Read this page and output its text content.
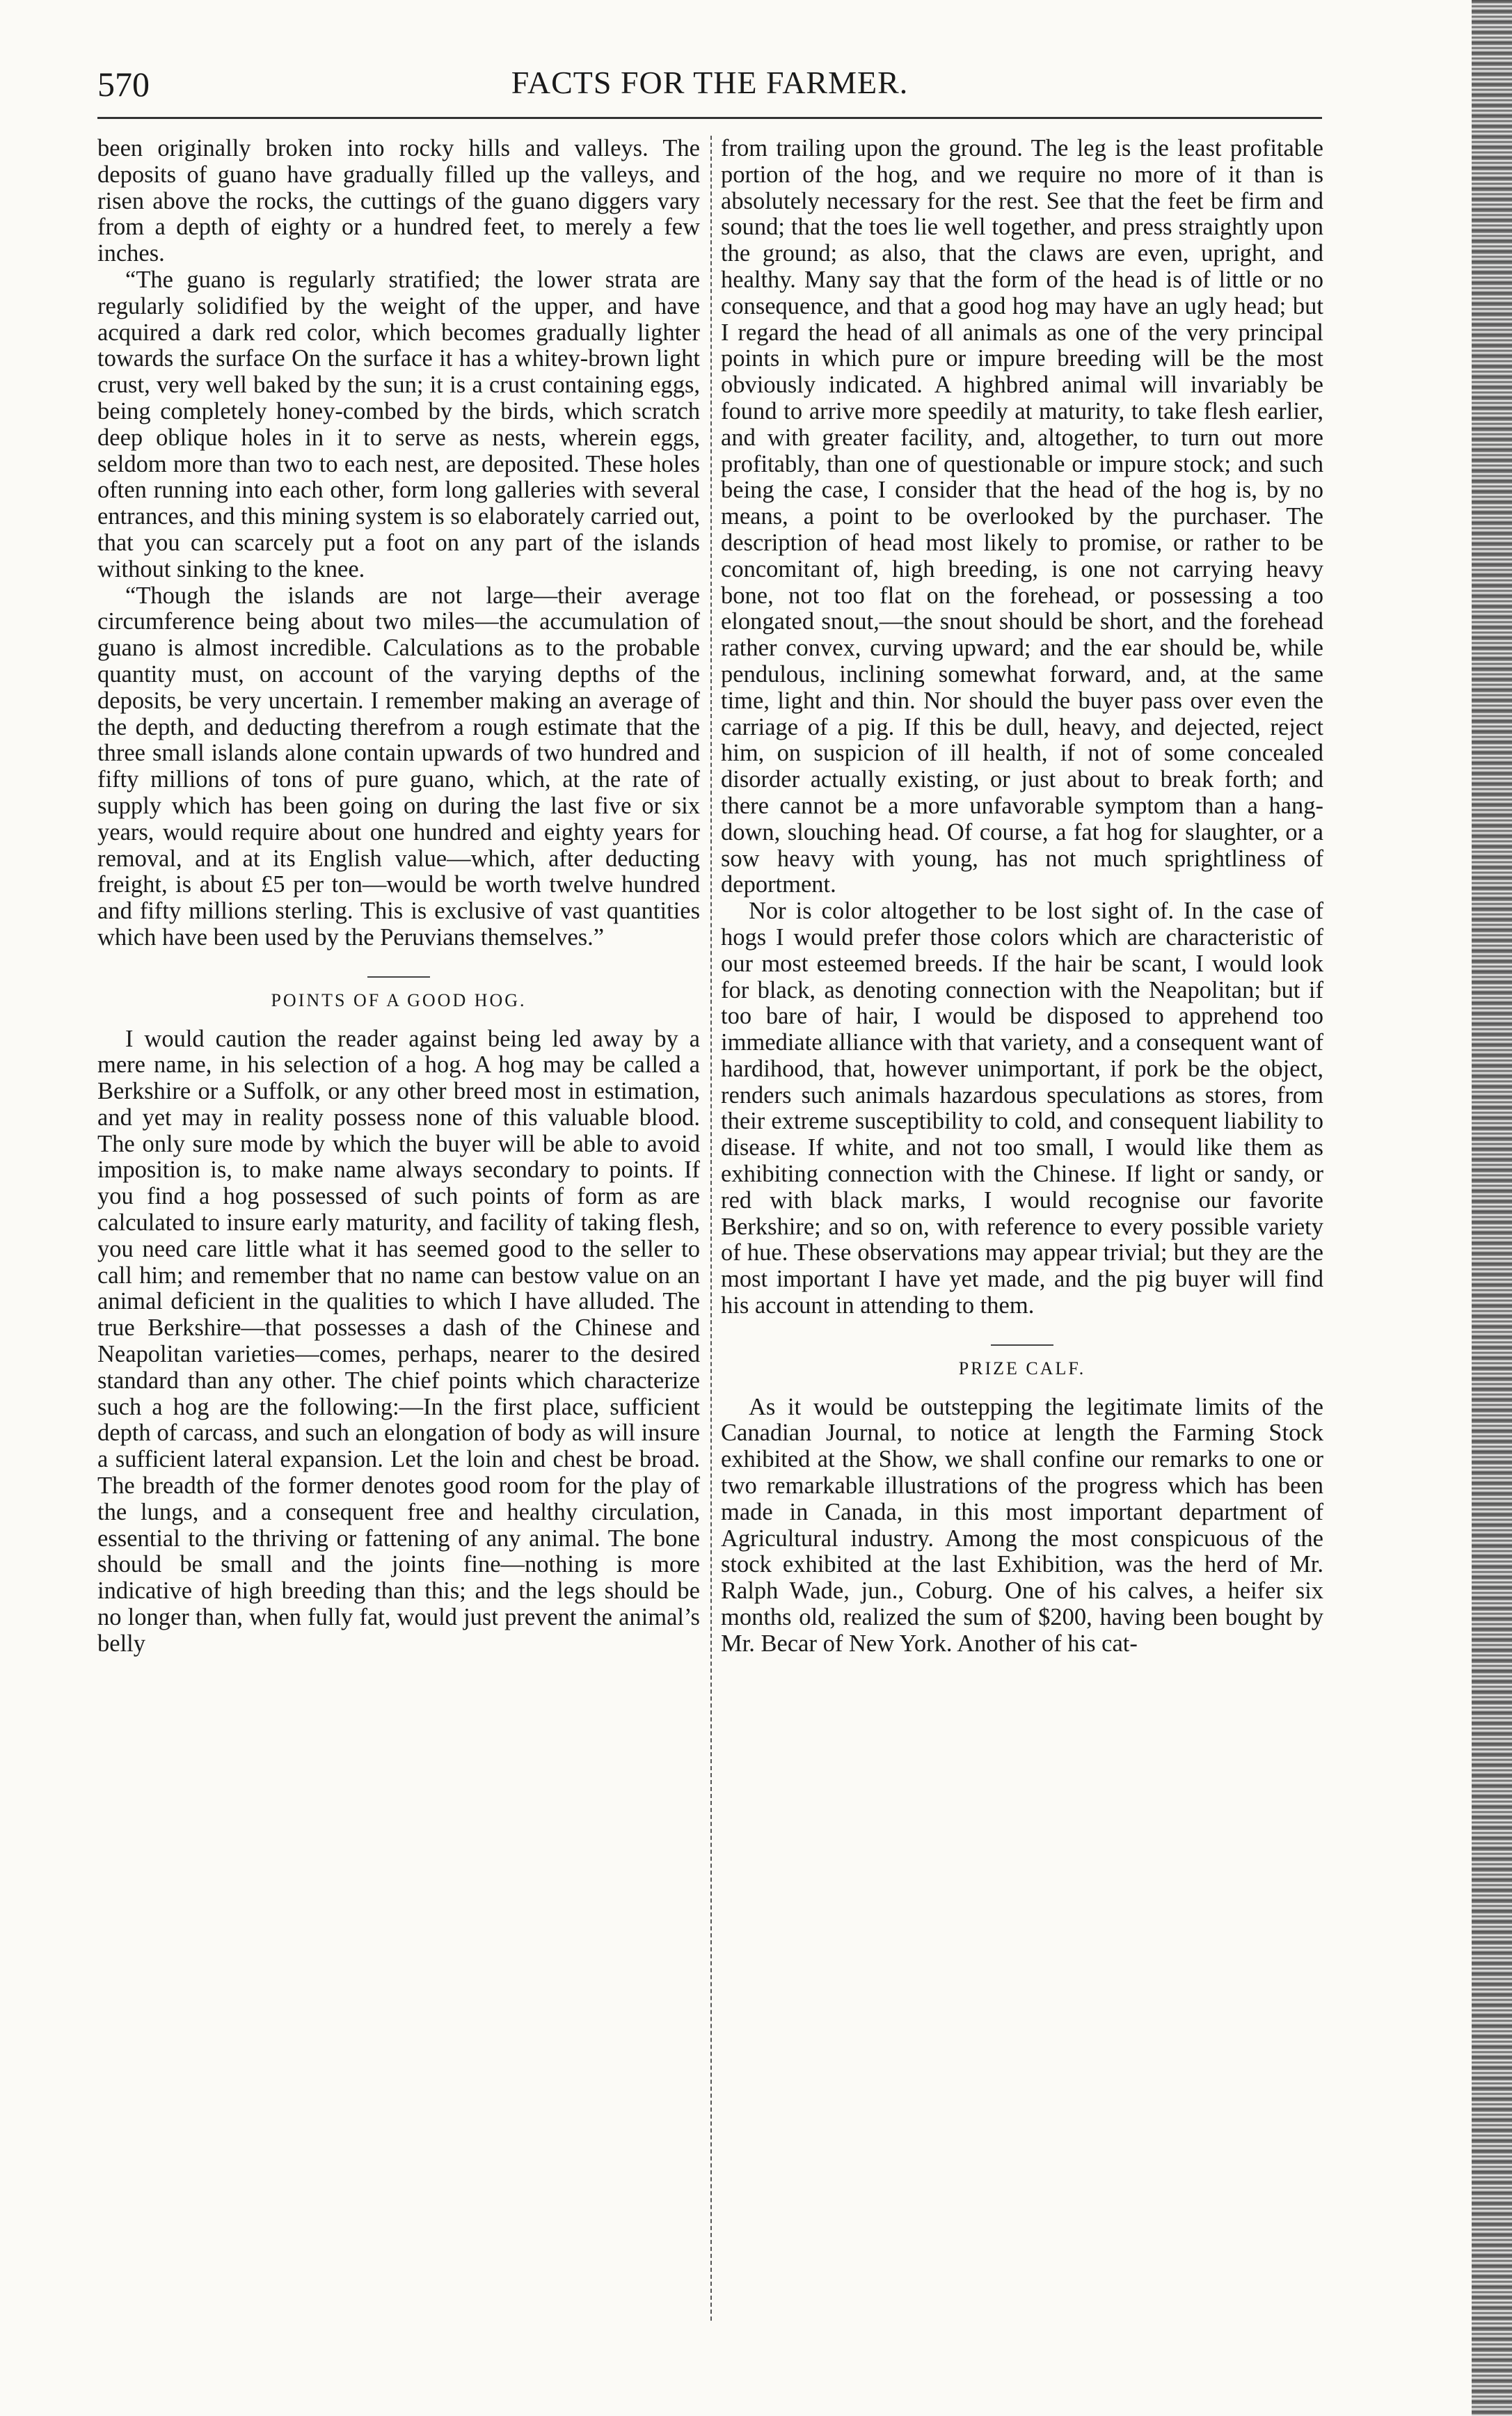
570	FACTS FOR THE FARMER.

been originally broken into rocky hills and valleys. The deposits of guano have gradually filled up the valleys, and risen above the rocks, the cuttings of the guano diggers vary from a depth of eighty or a hundred feet, to merely a few inches.

“The guano is regularly stratified; the lower strata are regularly solidified by the weight of the upper, and have acquired a dark red color, which becomes gradually lighter towards the surface On the surface it has a whitey-brown light crust, very well baked by the sun; it is a crust containing eggs, being completely honey-combed by the birds, which scratch deep oblique holes in it to serve as nests, wherein eggs, seldom more than two to each nest, are deposited. These holes often running into each other, form long galleries with several entrances, and this mining system is so elaborately carried out, that you can scarcely put a foot on any part of the islands without sinking to the knee.

“Though the islands are not large—their average circumference being about two miles—the accumulation of guano is almost incredible. Calculations as to the probable quantity must, on account of the varying depths of the deposits, be very uncertain. I remember making an average of the depth, and deducting therefrom a rough estimate that the three small islands alone contain upwards of two hundred and fifty millions of tons of pure guano, which, at the rate of supply which has been going on during the last five or six years, would require about one hundred and eighty years for removal, and at its English value—which, after deducting freight, is about £5 per ton—would be worth twelve hundred and fifty millions sterling. This is exclusive of vast quantities which have been used by the Peruvians themselves.”

POINTS OF A GOOD HOG.

I would caution the reader against being led away by a mere name, in his selection of a hog. A hog may be called a Berkshire or a Suffolk, or any other breed most in estimation, and yet may in reality possess none of this valuable blood. The only sure mode by which the buyer will be able to avoid imposition is, to make name always secondary to points. If you find a hog possessed of such points of form as are calculated to insure early maturity, and facility of taking flesh, you need care little what it has seemed good to the seller to call him; and remember that no name can bestow value on an animal deficient in the qualities to which I have alluded. The true Berkshire—that possesses a dash of the Chinese and Neapolitan varieties—comes, perhaps, nearer to the desired standard than any other. The chief points which characterize such a hog are the following:—In the first place, sufficient depth of carcass, and such an elongation of body as will insure a sufficient lateral expansion. Let the loin and chest be broad. The breadth of the former denotes good room for the play of the lungs, and a consequent free and healthy circulation, essential to the thriving or fattening of any animal. The bone should be small and the joints fine—nothing is more indicative of high breeding than this; and the legs should be no longer than, when fully fat, would just prevent the animal’s belly

from trailing upon the ground. The leg is the least profitable portion of the hog, and we require no more of it than is absolutely necessary for the rest. See that the feet be firm and sound; that the toes lie well together, and press straightly upon the ground; as also, that the claws are even, upright, and healthy. Many say that the form of the head is of little or no consequence, and that a good hog may have an ugly head; but I regard the head of all animals as one of the very principal points in which pure or impure breeding will be the most obviously indicated. A highbred animal will invariably be found to arrive more speedily at maturity, to take flesh earlier, and with greater facility, and, altogether, to turn out more profitably, than one of questionable or impure stock; and such being the case, I consider that the head of the hog is, by no means, a point to be overlooked by the purchaser. The description of head most likely to promise, or rather to be concomitant of, high breeding, is one not carrying heavy bone, not too flat on the forehead, or possessing a too elongated snout,—the snout should be short, and the forehead rather convex, curving upward; and the ear should be, while pendulous, inclining somewhat forward, and, at the same time, light and thin. Nor should the buyer pass over even the carriage of a pig. If this be dull, heavy, and dejected, reject him, on suspicion of ill health, if not of some concealed disorder actually existing, or just about to break forth; and there cannot be a more unfavorable symptom than a hang-down, slouching head. Of course, a fat hog for slaughter, or a sow heavy with young, has not much sprightliness of deportment.

Nor is color altogether to be lost sight of. In the case of hogs I would prefer those colors which are characteristic of our most esteemed breeds. If the hair be scant, I would look for black, as denoting connection with the Neapolitan; but if too bare of hair, I would be disposed to apprehend too immediate alliance with that variety, and a consequent want of hardihood, that, however unimportant, if pork be the object, renders such animals hazardous speculations as stores, from their extreme susceptibility to cold, and consequent liability to disease. If white, and not too small, I would like them as exhibiting connection with the Chinese. If light or sandy, or red with black marks, I would recognise our favorite Berkshire; and so on, with reference to every possible variety of hue. These observations may appear trivial; but they are the most important I have yet made, and the pig buyer will find his account in attending to them.

PRIZE CALF.

As it would be outstepping the legitimate limits of the Canadian Journal, to notice at length the Farming Stock exhibited at the Show, we shall confine our remarks to one or two remarkable illustrations of the progress which has been made in Canada, in this most important department of Agricultural industry. Among the most conspicuous of the stock exhibited at the last Exhibition, was the herd of Mr. Ralph Wade, jun., Coburg. One of his calves, a heifer six months old, realized the sum of $200, having been bought by Mr. Becar of New York. Another of his cat-
